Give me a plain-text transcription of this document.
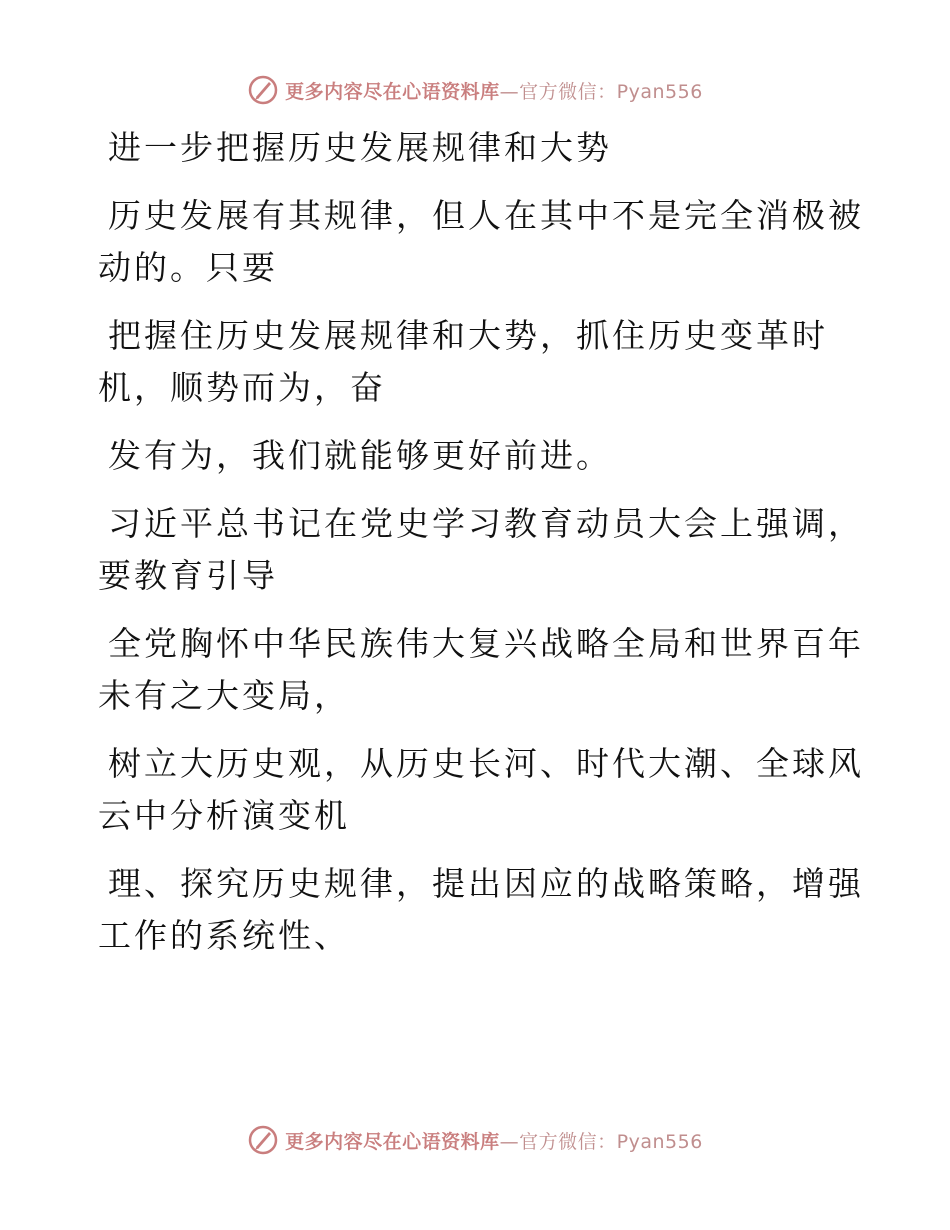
更多内容尽在心语资料库—官方微信：Pyan556

进一步把握历史发展规律和大势

历史发展有其规律，但人在其中不是完全消极被
动的。只要

把握住历史发展规律和大势，抓住历史变革时
机，顺势而为，奋

发有为，我们就能够更好前进。

习近平总书记在党史学习教育动员大会上强调，
要教育引导

全党胸怀中华民族伟大复兴战略全局和世界百年
未有之大变局，

树立大历史观，从历史长河、时代大潮、全球风
云中分析演变机

理、探究历史规律，提出因应的战略策略，增强
工作的系统性、

更多内容尽在心语资料库—官方微信：Pyan556
